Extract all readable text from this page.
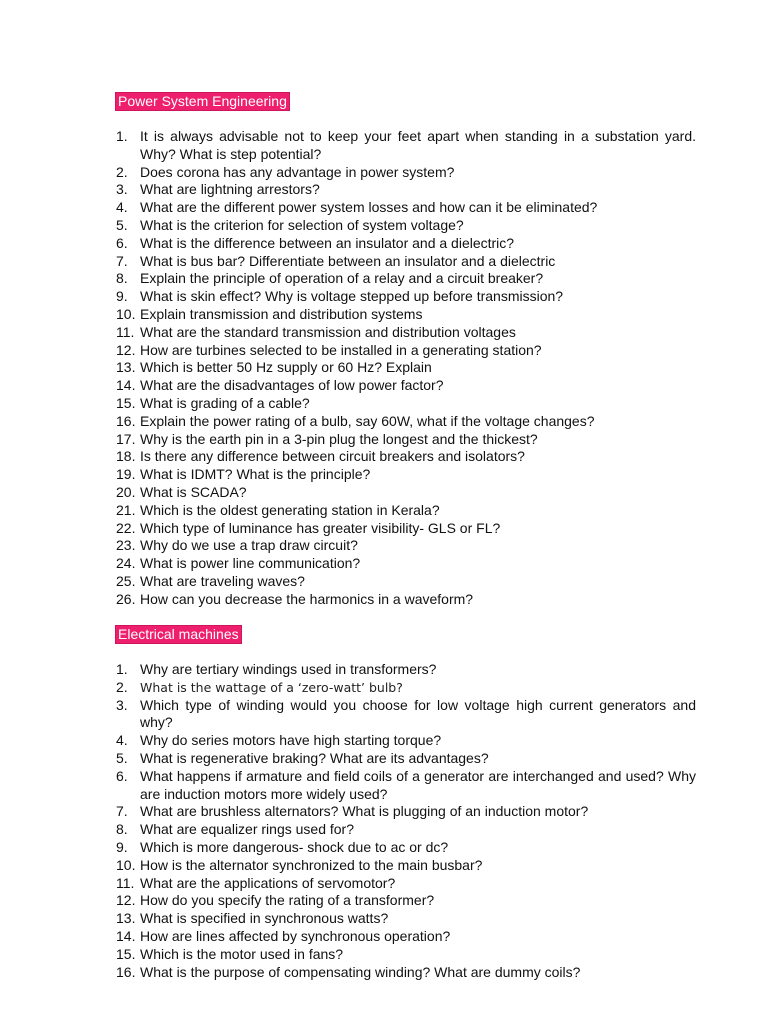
Power System Engineering
1. It is always advisable not to keep your feet apart when standing in a substation yard. Why? What is step potential?
2. Does corona has any advantage in power system?
3. What are lightning arrestors?
4. What are the different power system losses and how can it be eliminated?
5. What is the criterion for selection of system voltage?
6. What is the difference between an insulator and a dielectric?
7. What is bus bar? Differentiate between an insulator and a dielectric
8. Explain the principle of operation of a relay and a circuit breaker?
9. What is skin effect? Why is voltage stepped up before transmission?
10. Explain transmission and distribution systems
11. What are the standard transmission and distribution voltages
12. How are turbines selected to be installed in a generating station?
13. Which is better 50 Hz supply or 60 Hz? Explain
14. What are the disadvantages of low power factor?
15. What is grading of a cable?
16. Explain the power rating of a bulb, say 60W, what if the voltage changes?
17. Why is the earth pin in a 3-pin plug the longest and the thickest?
18. Is there any difference between circuit breakers and isolators?
19. What is IDMT? What is the principle?
20. What is SCADA?
21. Which is the oldest generating station in Kerala?
22. Which type of luminance has greater visibility- GLS or FL?
23. Why do we use a trap draw circuit?
24. What is power line communication?
25. What are traveling waves?
26. How can you decrease the harmonics in a waveform?
Electrical machines
1. Why are tertiary windings used in transformers?
2. What is the wattage of a ‘zero-watt’ bulb?
3. Which type of winding would you choose for low voltage high current generators and why?
4. Why do series motors have high starting torque?
5. What is regenerative braking? What are its advantages?
6. What happens if armature and field coils of a generator are interchanged and used? Why are induction motors more widely used?
7. What are brushless alternators? What is plugging of an induction motor?
8. What are equalizer rings used for?
9. Which is more dangerous- shock due to ac or dc?
10. How is the alternator synchronized to the main busbar?
11. What are the applications of servomotor?
12. How do you specify the rating of a transformer?
13. What is specified in synchronous watts?
14. How are lines affected by synchronous operation?
15. Which is the motor used in fans?
16. What is the purpose of compensating winding? What are dummy coils?
